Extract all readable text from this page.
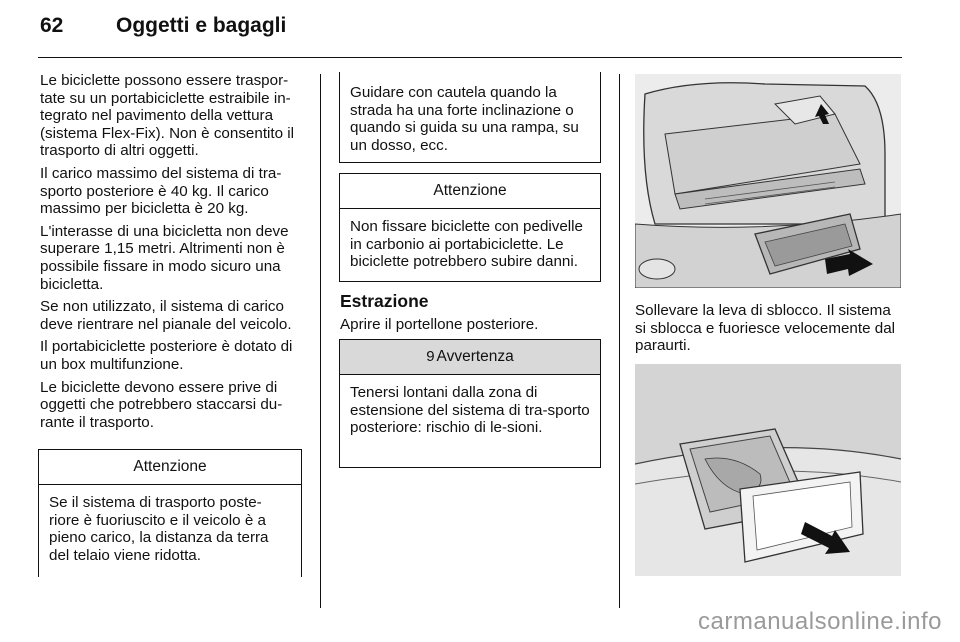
62	Oggetti e bagagli

Le biciclette possono essere traspor-tate su un portabiciclette estraibile in-tegrato nel pavimento della vettura (sistema Flex-Fix). Non è consentito il trasporto di altri oggetti.

Il carico massimo del sistema di tra-sporto posteriore è 40 kg. Il carico massimo per bicicletta è 20 kg.

L'interasse di una bicicletta non deve superare 1,15 metri. Altrimenti non è possibile fissare in modo sicuro una bicicletta.

Se non utilizzato, il sistema di carico deve rientrare nel pianale del veicolo.

Il portabiciclette posteriore è dotato di un box multifunzione.

Le biciclette devono essere prive di oggetti che potrebbero staccarsi du-rante il trasporto.

Attenzione
Se il sistema di trasporto poste-riore è fuoriuscito e il veicolo è a pieno carico, la distanza da terra del telaio viene ridotta.
Guidare con cautela quando la strada ha una forte inclinazione o quando si guida su una rampa, su un dosso, ecc.
Attenzione
Non fissare biciclette con pedivelle in carbonio ai portabiciclette. Le biciclette potrebbero subire danni.
Estrazione
Aprire il portellone posteriore.
9 Avvertenza
Tenersi lontani dalla zona di estensione del sistema di tra-sporto posteriore: rischio di le-sioni.
Sollevare la leva di sblocco. Il sistema si sblocca e fuoriesce velocemente dal paraurti.
carmanualsonline.info
